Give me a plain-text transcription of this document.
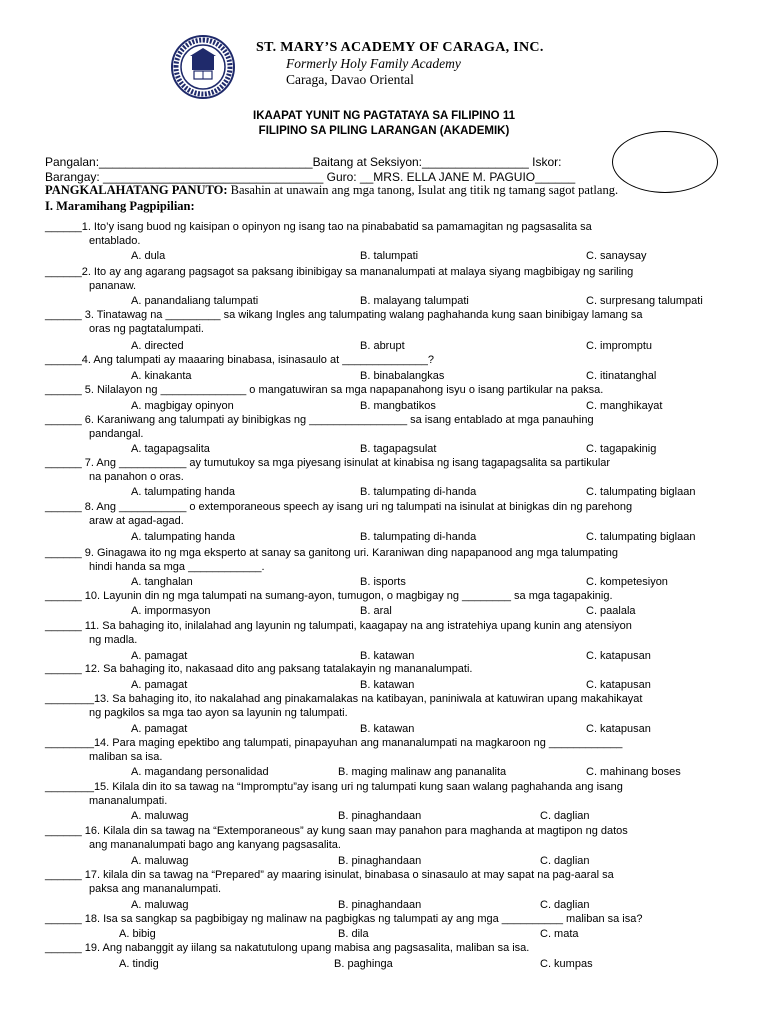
ST. MARY’S ACADEMY OF CARAGA, INC.
Formerly Holy Family Academy
Caraga, Davao Oriental
IKAAPAT YUNIT NG PAGTATAYA SA FILIPINO 11
FILIPINO SA PILING LARANGAN (AKADEMIK)
Pangalan:________________________________Baitang at Seksiyon:________________ Iskor:
Barangay: _________________________________ Guro: __MRS. ELLA JANE M. PAGUIO______
PANGKALAHATANG PANUTO: Basahin at unawain ang mga tanong, Isulat ang titik ng tamang sagot patlang.
I. Maramihang Pagpipilian:
______1. Ito’y isang buod ng kaisipan o opinyon ng isang tao na pinababatid sa pamamagitan ng pagsasalita sa
entablado.
A. dula	B. talumpati	C. sanaysay
______2. Ito ay ang agarang pagsagot sa paksang ibinibigay sa mananalumpati at malaya siyang magbibigay ng sariling
pananaw.
A. panandaliang talumpati	B. malayang talumpati	C. surpresang talumpati
______ 3. Tinatawag na _________ sa wikang Ingles ang talumpating walang paghahanda kung saan binibigay lamang sa
oras ng pagtatalumpati.
A. directed	B. abrupt	C. impromptu
______4. Ang talumpati ay maaaring binabasa, isinasaulo at ______________?
A. kinakanta	B. binabalangkas	C. itinatanghal
______ 5. Nilalayon ng ______________ o mangatuwiran sa mga napapanahong isyu o isang partikular na paksa.
A. magbigay opinyon	B. mangbatikos	C. manghikayat
______ 6. Karaniwang ang talumpati ay binibigkas ng ________________ sa isang entablado at mga panauhing
pandangal.
A. tagapagsalita	B. tagapagsulat	C. tagapakinig
______ 7. Ang ___________ ay tumutukoy sa mga piyesang isinulat at kinabisa ng isang tagapagsalita sa partikular
na panahon o oras.
A. talumpating handa	B. talumpating di-handa	C. talumpating biglaan
______ 8. Ang ___________ o extemporaneous speech ay isang uri ng talumpati na isinulat at binigkas din ng parehong
araw at agad-agad.
A. talumpating handa	B. talumpating di-handa	C. talumpating biglaan
______ 9. Ginagawa ito ng mga eksperto at sanay sa ganitong uri. Karaniwan ding napapanood ang mga talumpating
hindi handa sa mga ____________.
A. tanghalan	B. isports	C. kompetesiyon
______ 10. Layunin din ng mga talumpati na sumang-ayon, tumugon, o magbigay ng ________ sa mga tagapakinig.
A. impormasyon	B. aral	C. paalala
______ 11. Sa bahaging ito, inilalahad ang layunin ng talumpati, kaagapay na ang istratehiya upang kunin ang atensiyon
ng madla.
A. pamagat	B. katawan	C. katapusan
______ 12. Sa bahaging ito, nakasaad dito ang paksang tatalakayin ng mananalumpati.
A. pamagat	B. katawan	C. katapusan
________13. Sa bahaging ito, ito nakalahad ang pinakamalakas na katibayan, paniniwala at katuwiran upang makahikayat
ng pagkilos sa mga tao ayon sa layunin ng talumpati.
A. pamagat	B. katawan	C. katapusan
________14. Para maging epektibo ang talumpati, pinapayuhan ang mananalumpati na magkaroon ng ____________
maliban sa isa.
A. magandang personalidad	B. maging malinaw ang pananalita	C. mahinang boses
________15. Kilala din ito sa tawag na “Impromptu”ay isang uri ng talumpati kung saan walang paghahanda ang isang
mananalumpati.
A. maluwag	B. pinaghandaan	C. daglian
______ 16. Kilala din sa tawag na “Extemporaneous” ay kung saan may panahon para maghanda at magtipon ng datos
ang mananalumpati bago ang kanyang pagsasalita.
A. maluwag	B. pinaghandaan	C. daglian
______ 17. kilala din sa tawag na “Prepared” ay maaring isinulat, binabasa o sinasaulo at may sapat na pag-aaral sa
paksa ang mananalumpati.
A. maluwag	B. pinaghandaan	C. daglian
______ 18. Isa sa sangkap sa pagbibigay ng malinaw na pagbigkas ng talumpati ay ang mga __________ maliban sa isa?
A. bibig	B. dila	C. mata
______ 19. Ang nabanggit ay iilang sa nakatutulong upang mabisa ang pagsasalita, maliban sa isa.
A. tindig	B. paghinga	C. kumpas
